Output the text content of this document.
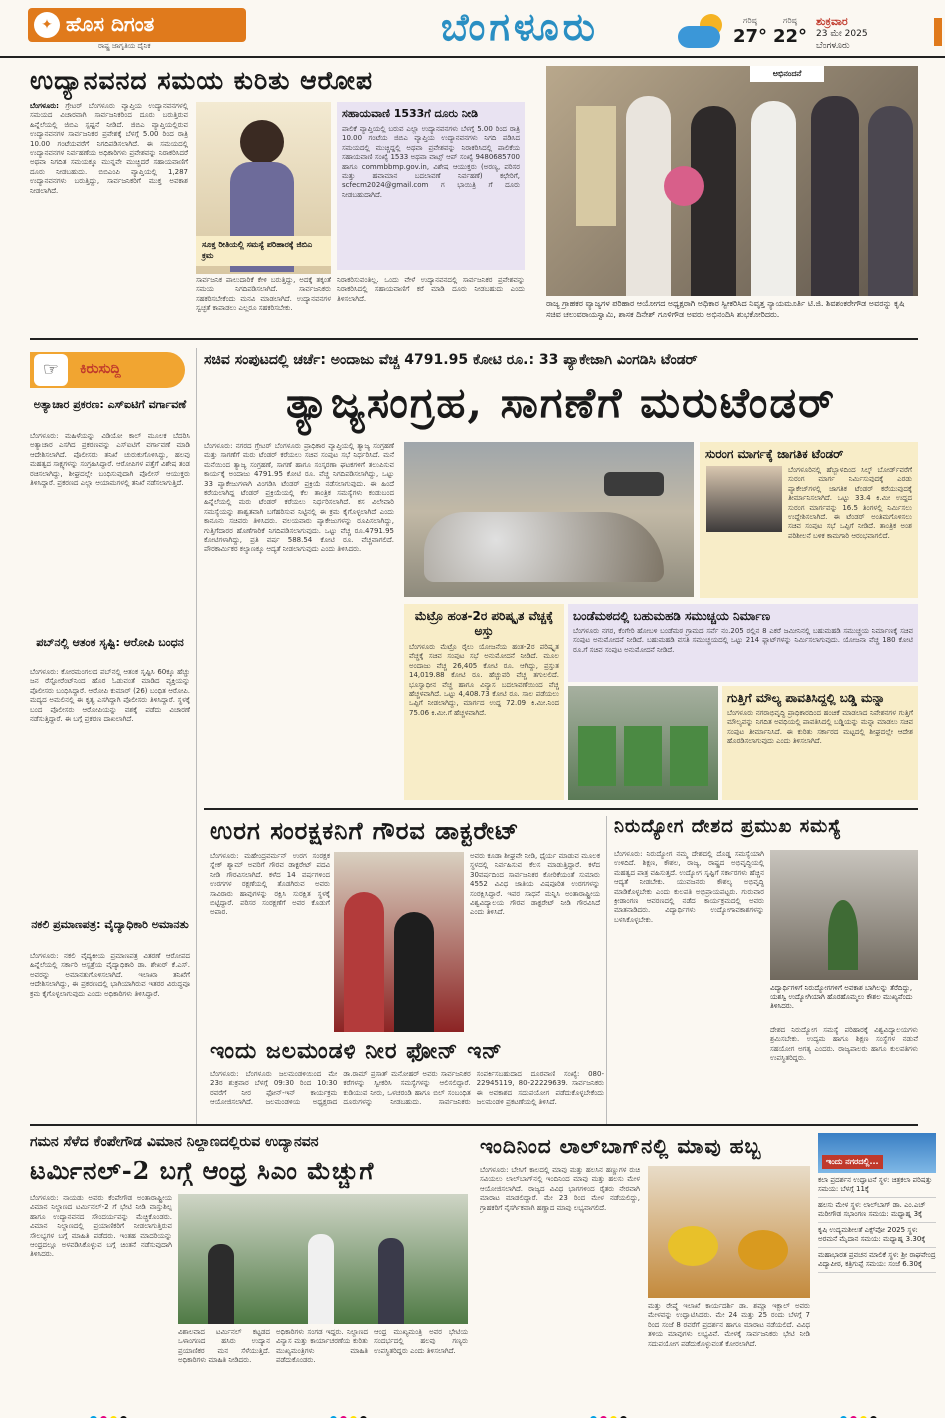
✦ ಹೊಸ ದಿಗಂತ
ರಾಷ್ಟ್ರ ಜಾಗೃತಿಯ ದೈನಿಕ	ಬೆಂಗಳೂರು	ಗರಿಷ್ಠ
27°
ಗರಿಷ್ಠ
22°
ಶುಕ್ರವಾರ
23 ಮೇ 2025
ಬೆಂಗಳೂರು
ಉದ್ಯಾನವನದ ಸಮಯ ಕುರಿತು ಆರೋಪ
ಬೆಂಗಳೂರು: ಗ್ರೇಟರ್ ಬೆಂಗಳೂರು ವ್ಯಾಪ್ತಿಯ ಉದ್ಯಾನವನಗಳಲ್ಲಿ ಸಮಯದ ವಿಚಾರವಾಗಿ ಸಾರ್ವಜನಿಕರಿಂದ ದೂರು ಬರುತ್ತಿರುವ ಹಿನ್ನೆಲೆಯಲ್ಲಿ ಜಿಬಿಎ ಸ್ಪಷ್ಟನೆ ನೀಡಿದೆ. ಜಿಬಿಎ ವ್ಯಾಪ್ತಿಯಲ್ಲಿರುವ ಉದ್ಯಾನವನಗಳ ಸಾರ್ವಜನಿಕರ ಪ್ರವೇಶಕ್ಕೆ ಬೆಳಗ್ಗೆ 5.00 ರಿಂದ ರಾತ್ರಿ 10.00 ಗಂಟೆಯವರೆಗೆ ನಿಗದಿಪಡಿಸಲಾಗಿದೆ. ಈ ಸಮಯದಲ್ಲಿ ಉದ್ಯಾನವನಗಳ ನಿರ್ವಹಣೆಯ ಅಧಿಕಾರಿಗಳು ಪ್ರವೇಶವನ್ನು ನಿರಾಕರಿಸಿದರೆ ಅಥವಾ ನಿಗದಿತ ಸಮಯಕ್ಕೂ ಮುನ್ನವೇ ಮುಚ್ಚಿದರೆ ಸಹಾಯವಾಣಿಗೆ ದೂರು ನೀಡಬಹುದು. ಬಿಬಿಎಂಪಿ ವ್ಯಾಪ್ತಿಯಲ್ಲಿ 1,287 ಉದ್ಯಾನವನಗಳು ಬರುತ್ತಿದ್ದು, ಸಾರ್ವಜನಿಕರಿಗೆ ಮುಕ್ತ ಅವಕಾಶ ನೀಡಲಾಗಿದೆ.
ಸೂಕ್ತ ರೀತಿಯಲ್ಲಿ ಸಮಸ್ಯೆ ಪರಿಹಾರಕ್ಕೆ ಜಿಬಿಎ ಕ್ರಮ
ಸಹಾಯವಾಣಿ 1533ಗೆ ದೂರು ನೀಡಿ
ಪಾಲಿಕೆ ವ್ಯಾಪ್ತಿಯಲ್ಲಿ ಬರುವ ಎಲ್ಲಾ ಉದ್ಯಾನವನಗಳು ಬೆಳಗ್ಗೆ 5.00 ರಿಂದ ರಾತ್ರಿ 10.00 ಗಂಟೆಯ ಜಿಬಿಎ ವ್ಯಾಪ್ತಿಯ ಉದ್ಯಾನವನಗಳು ನಿಗದಿ ಪಡಿಸಿದ ಸಮಯದಲ್ಲಿ ಮುಚ್ಚಿದ್ದಲ್ಲಿ ಅಥವಾ ಪ್ರವೇಶವನ್ನು ನಿರಾಕರಿಸಿದಲ್ಲಿ ಪಾಲಿಕೆಯ ಸಹಾಯವಾಣಿ ಸಂಖ್ಯೆ 1533 ಅಥವಾ ವಾಟ್ಸ್ ಆಪ್ ಸಂಖ್ಯೆ 9480685700 ಹಾಗೂ commbbmp.gov.in, ವಿಶೇಷ ಆಯುಕ್ತರು (ಅರಣ್ಯ, ಪರಿಸರ ಮತ್ತು ಹವಾಮಾನ ಬದಲಾವಣೆ ನಿರ್ವಹಣೆ) ಕಛೇರಿಗೆ, scfecm2024@gmail.com ಗ ಭಾಯಿತ್ರಿ ಗೆ ದೂರು ನೀಡಬಹುದಾಗಿದೆ.
ಸಾರ್ವಜನಿಕ ಪಾಲುದಾರಿಕೆ ಕೇಳಿ ಬರುತ್ತಿದ್ದು, ಅದಕ್ಕೆ ತಕ್ಕಂತೆ ಸಮಯ ನಿಗದಿಪಡಿಸಲಾಗಿದೆ. ಸಾರ್ವಜನಿಕರು ಸಹಕರಿಸಬೇಕೆಂದು ಮನವಿ ಮಾಡಲಾಗಿದೆ. ಉದ್ಯಾನವನಗಳ ಸ್ವಚ್ಛತೆ ಕಾಪಾಡಲು ಎಲ್ಲರೂ ಸಹಕರಿಸಬೇಕು.
ನಿರಾಕರಿಸುವಂತಿಲ್ಲ. ಒಂದು ವೇಳೆ ಉದ್ಯಾನವನದಲ್ಲಿ ಸಾರ್ವಜನಿಕರ ಪ್ರವೇಶವನ್ನು ನಿರಾಕರಿಸಿದಲ್ಲಿ ಸಹಾಯವಾಣಿಗೆ ಕರೆ ಮಾಡಿ ದೂರು ನೀಡಬಹುದು ಎಂದು ತಿಳಿಸಲಾಗಿದೆ.
ಅಭಿನಂದನೆ
ರಾಜ್ಯ ಗ್ರಾಹಕರ ವ್ಯಾಜ್ಯಗಳ ಪರಿಹಾರ ಆಯೋಗದ ಅಧ್ಯಕ್ಷರಾಗಿ ಅಧಿಕಾರ ಸ್ವೀಕರಿಸಿದ ನಿವೃತ್ತ ನ್ಯಾಯಮೂರ್ತಿ ಟಿ.ಜಿ. ಶಿವಶಂಕರೇಗೌಡ ಅವರನ್ನು ಕೃಷಿ ಸಚಿವ ಚಲುವರಾಯಸ್ವಾಮಿ, ಶಾಸಕ ದಿನೇಶ್ ಗೂಳಿಗೌಡ ಅವರು ಅಭಿನಂದಿಸಿ ಶುಭಕೋರಿದರು.
ಕಿರುಸುದ್ದಿ
☞
ಅತ್ಯಾಚಾರ ಪ್ರಕರಣ: ಎಸ್ಐಟಿಗೆ ವರ್ಗಾವಣೆ
ಬೆಂಗಳೂರು: ಮಹಿಳೆಯನ್ನು ವಿಡಿಯೋ ಕಾಲ್ ಮೂಲಕ ಬೆದರಿಸಿ ಅತ್ಯಾಚಾರ ಎಸಗಿದ ಪ್ರಕರಣವನ್ನು ಎಸ್ಐಟಿಗೆ ವರ್ಗಾವಣೆ ಮಾಡಿ ಆದೇಶಿಸಲಾಗಿದೆ. ಪೊಲೀಸರು ತನಿಖೆ ಚುರುಕುಗೊಳಿಸಿದ್ದು, ಹಲವು ಮಹತ್ವದ ಸಾಕ್ಷ್ಯಗಳನ್ನು ಸಂಗ್ರಹಿಸಿದ್ದಾರೆ. ಆರೋಪಿಗಳ ಪತ್ತೆಗೆ ವಿಶೇಷ ತಂಡ ರಚಿಸಲಾಗಿದ್ದು, ಶೀಘ್ರದಲ್ಲೇ ಬಂಧಿಸುವುದಾಗಿ ಪೊಲೀಸ್ ಆಯುಕ್ತರು ತಿಳಿಸಿದ್ದಾರೆ. ಪ್ರಕರಣದ ಎಲ್ಲಾ ಆಯಾಮಗಳಲ್ಲಿ ತನಿಖೆ ನಡೆಸಲಾಗುತ್ತಿದೆ.
ಪಬ್‌ನಲ್ಲಿ ಆತಂಕ ಸೃಷ್ಟಿ: ಆರೋಪಿ ಬಂಧನ
ಬೆಂಗಳೂರು: ಕೋರಮಂಗಲದ ಪಬ್‌ನಲ್ಲಿ ಆತಂಕ ಸೃಷ್ಟಿಸಿ 60ಕ್ಕೂ ಹೆಚ್ಚು ಜನ ರೆಸ್ಟೋರೆಂಟ್‌ನಿಂದ ಹೊರ ಓಡುವಂತೆ ಮಾಡಿದ ವ್ಯಕ್ತಿಯನ್ನು ಪೊಲೀಸರು ಬಂಧಿಸಿದ್ದಾರೆ. ಆರೋಪಿ ಕುಮಾರ್ (26) ಬಂಧಿತ ಆರೋಪಿ. ಮದ್ಯದ ಅಮಲಿನಲ್ಲಿ ಈ ಕೃತ್ಯ ಎಸಗಿದ್ದಾಗಿ ಪೊಲೀಸರು ತಿಳಿಸಿದ್ದಾರೆ. ಸ್ಥಳಕ್ಕೆ ಬಂದ ಪೊಲೀಸರು ಆರೋಪಿಯನ್ನು ವಶಕ್ಕೆ ಪಡೆದು ವಿಚಾರಣೆ ನಡೆಸುತ್ತಿದ್ದಾರೆ. ಈ ಬಗ್ಗೆ ಪ್ರಕರಣ ದಾಖಲಾಗಿದೆ.
ನಕಲಿ ಪ್ರಮಾಣಪತ್ರ: ವೈದ್ಯಾಧಿಕಾರಿ ಅಮಾನತು
ಬೆಂಗಳೂರು: ನಕಲಿ ವೈದ್ಯಕೀಯ ಪ್ರಮಾಣಪತ್ರ ವಿತರಣೆ ಆರೋಪದ ಹಿನ್ನೆಲೆಯಲ್ಲಿ ಸರ್ಕಾರಿ ಆಸ್ಪತ್ರೆಯ ವೈದ್ಯಾಧಿಕಾರಿ ಡಾ. ಶೇಖರ್ ಕೆ.ಎಸ್. ಅವರನ್ನು ಅಮಾನತುಗೊಳಿಸಲಾಗಿದೆ. ಇಲಾಖಾ ತನಿಖೆಗೆ ಆದೇಶಿಸಲಾಗಿದ್ದು, ಈ ಪ್ರಕರಣದಲ್ಲಿ ಭಾಗಿಯಾಗಿರುವ ಇತರರ ವಿರುದ್ಧವೂ ಕ್ರಮ ಕೈಗೊಳ್ಳಲಾಗುವುದು ಎಂದು ಅಧಿಕಾರಿಗಳು ತಿಳಿಸಿದ್ದಾರೆ.
ಸಚಿವ ಸಂಪುಟದಲ್ಲಿ ಚರ್ಚೆ: ಅಂದಾಜು ವೆಚ್ಚ 4791.95 ಕೋಟಿ ರೂ.: 33 ಪ್ಯಾಕೇಜಾಗಿ ವಿಂಗಡಿಸಿ ಟೆಂಡರ್
ತ್ಯಾಜ್ಯಸಂಗ್ರಹ, ಸಾಗಣೆಗೆ ಮರುಟೆಂಡರ್
ಬೆಂಗಳೂರು: ನಗರದ ಗ್ರೇಟರ್ ಬೆಂಗಳೂರು ಪ್ರಾಧಿಕಾರ ವ್ಯಾಪ್ತಿಯಲ್ಲಿ ತ್ಯಾಜ್ಯ ಸಂಗ್ರಹಣೆ ಮತ್ತು ಸಾಗಣೆಗೆ ಮರು ಟೆಂಡರ್ ಕರೆಯಲು ಸಚಿವ ಸಂಪುಟ ಸಭೆ ನಿರ್ಧರಿಸಿದೆ. ಮನೆ ಮನೆಯಿಂದ ತ್ಯಾಜ್ಯ ಸಂಗ್ರಹಣೆ, ಸಾಗಣೆ ಹಾಗೂ ಸಂಸ್ಕರಣಾ ಘಟಕಗಳಿಗೆ ತಲುಪಿಸುವ ಕಾರ್ಯಕ್ಕೆ ಅಂದಾಜು 4791.95 ಕೋಟಿ ರೂ. ವೆಚ್ಚ ನಿಗದಿಪಡಿಸಲಾಗಿದ್ದು, ಒಟ್ಟು 33 ಪ್ಯಾಕೇಜುಗಳಾಗಿ ವಿಂಗಡಿಸಿ ಟೆಂಡರ್ ಪ್ರಕ್ರಿಯೆ ನಡೆಸಲಾಗುವುದು. ಈ ಹಿಂದೆ ಕರೆಯಲಾಗಿದ್ದ ಟೆಂಡರ್ ಪ್ರಕ್ರಿಯೆಯಲ್ಲಿ ಕೆಲ ತಾಂತ್ರಿಕ ಸಮಸ್ಯೆಗಳು ಕಂಡುಬಂದ ಹಿನ್ನೆಲೆಯಲ್ಲಿ ಮರು ಟೆಂಡರ್ ಕರೆಯಲು ನಿರ್ಧರಿಸಲಾಗಿದೆ. ಕಸ ವಿಲೇವಾರಿ ಸಮಸ್ಯೆಯನ್ನು ಶಾಶ್ವತವಾಗಿ ಬಗೆಹರಿಸುವ ನಿಟ್ಟಿನಲ್ಲಿ ಈ ಕ್ರಮ ಕೈಗೊಳ್ಳಲಾಗಿದೆ ಎಂದು ಕಾನೂನು ಸಚಿವರು ತಿಳಿಸಿದರು. ವಲಯವಾರು ಪ್ಯಾಕೇಜುಗಳನ್ನು ರೂಪಿಸಲಾಗಿದ್ದು, ಗುತ್ತಿಗೆದಾರರ ಹೊಣೆಗಾರಿಕೆ ನಿಗದಿಪಡಿಸಲಾಗುವುದು. ಒಟ್ಟು ವೆಚ್ಚ ರೂ.4791.95 ಕೋಟಿಗಳಾಗಿದ್ದು, ಪ್ರತಿ ವರ್ಷ 588.54 ಕೋಟಿ ರೂ. ವೆಚ್ಚವಾಗಲಿದೆ. ಪೌರಕಾರ್ಮಿಕರ ಕಲ್ಯಾಣಕ್ಕೂ ಆದ್ಯತೆ ನೀಡಲಾಗುವುದು ಎಂದು ತಿಳಿಸಿದರು.
ಸುರಂಗ ಮಾರ್ಗಕ್ಕೆ ಜಾಗತಿಕ ಟೆಂಡರ್
ಬೆಂಗಳೂರಿನಲ್ಲಿ ಹೆಬ್ಬಾಳದಿಂದ ಸಿಲ್ಕ್ ಬೋರ್ಡ್‌ವರೆಗೆ ಸುರಂಗ ಮಾರ್ಗ ನಿರ್ಮಿಸುವುದಕ್ಕೆ ಎರಡು ಪ್ಯಾಕೇಜ್‌ಗಳಲ್ಲಿ ಜಾಗತಿಕ ಟೆಂಡರ್ ಕರೆಯುವುದಕ್ಕೆ ತೀರ್ಮಾನಿಸಲಾಗಿದೆ. ಒಟ್ಟು 33.4 ಕಿ.ಮೀ ಉದ್ದದ ಸುರಂಗ ಮಾರ್ಗವನ್ನು 16.5 ತಿಂಗಳಲ್ಲಿ ನಿರ್ಮಿಸಲು ಉದ್ದೇಶಿಸಲಾಗಿದೆ. ಈ ಟೆಂಡರ್ ಅಂತಿಮಗೊಳಿಸಲು ಸಚಿವ ಸಂಪುಟ ಸಭೆ ಒಪ್ಪಿಗೆ ನೀಡಿದೆ. ತಾಂತ್ರಿಕ ಅಂಶ ಪರಿಶೀಲನೆ ಬಳಿಕ ಕಾಮಗಾರಿ ಆರಂಭವಾಗಲಿದೆ.
ಮೆಟ್ರೊ ಹಂತ-2ರ ಪರಿಷ್ಕೃತ ವೆಚ್ಚಕ್ಕೆ ಅಸ್ತು
ಬೆಂಗಳೂರು ಮೆಟ್ರೊ ರೈಲು ಯೋಜನೆಯ ಹಂತ-2ರ ಪರಿಷ್ಕೃತ ವೆಚ್ಚಕ್ಕೆ ಸಚಿವ ಸಂಪುಟ ಸಭೆ ಅನುಮೋದನೆ ನೀಡಿದೆ. ಮೂಲ ಅಂದಾಜು ವೆಚ್ಚ 26,405 ಕೋಟಿ ರೂ. ಆಗಿದ್ದು, ಪ್ರಸ್ತುತ 14,019.88 ಕೋಟಿ ರೂ. ಹೆಚ್ಚುವರಿ ವೆಚ್ಚ ತಗುಲಲಿದೆ. ಭೂಸ್ವಾಧೀನ ವೆಚ್ಚ ಹಾಗೂ ವಿನ್ಯಾಸ ಬದಲಾವಣೆಯಿಂದ ವೆಚ್ಚ ಹೆಚ್ಚಳವಾಗಿದೆ. ಒಟ್ಟು 4,408.73 ಕೋಟಿ ರೂ. ಸಾಲ ಪಡೆಯಲು ಒಪ್ಪಿಗೆ ನೀಡಲಾಗಿದ್ದು, ಮಾರ್ಗದ ಉದ್ದ 72.09 ಕಿ.ಮೀ.ನಿಂದ 75.06 ಕಿ.ಮೀ.ಗೆ ಹೆಚ್ಚಳವಾಗಿದೆ.
ಬಂಡೆಮಠದಲ್ಲಿ ಬಹುಮಹಡಿ ಸಮುಚ್ಚಯ ನಿರ್ಮಾಣ
ಬೆಂಗಳೂರು ನಗರ, ಕೆಂಗೇರಿ ಹೋಬಳಿ ಬಂಡೆಮಠ ಗ್ರಾಮದ ಸರ್ವೆ ನಂ.205 ರಲ್ಲಿನ 8 ಎಕರೆ ಜಮೀನಿನಲ್ಲಿ ಬಹುಮಹಡಿ ಸಮುಚ್ಚಯ ನಿರ್ಮಾಣಕ್ಕೆ ಸಚಿವ ಸಂಪುಟ ಅನುಮೋದನೆ ನೀಡಿದೆ. ಬಹುಮಹಡಿ ವಸತಿ ಸಮುಚ್ಚಯದಲ್ಲಿ ಒಟ್ಟು 214 ಫ್ಲಾಟ್‌ಗಳನ್ನು ನಿರ್ಮಿಸಲಾಗುವುದು. ಯೋಜನಾ ವೆಚ್ಚ 180 ಕೋಟಿ ರೂ.ಗೆ ಸಚಿವ ಸಂಪುಟ ಅನುಮೋದನೆ ನೀಡಿದೆ.
ಗುತ್ತಿಗೆ ಮೌಲ್ಯ ಪಾವತಿಸಿದ್ದಲ್ಲಿ ಬಡ್ಡಿ ಮನ್ನಾ
ಬೆಂಗಳೂರು ನಗರಾಭಿವೃದ್ಧಿ ಪ್ರಾಧಿಕಾರದಿಂದ ಹಂಚಿಕೆ ಮಾಡಲಾದ ನಿವೇಶನಗಳ ಗುತ್ತಿಗೆ ಮೌಲ್ಯವನ್ನು ನಿಗದಿತ ಅವಧಿಯಲ್ಲಿ ಪಾವತಿಸಿದಲ್ಲಿ ಬಡ್ಡಿಯನ್ನು ಮನ್ನಾ ಮಾಡಲು ಸಚಿವ ಸಂಪುಟ ತೀರ್ಮಾನಿಸಿದೆ. ಈ ಕುರಿತು ಸರ್ಕಾರದ ಮಟ್ಟದಲ್ಲಿ ಶೀಘ್ರದಲ್ಲೇ ಆದೇಶ ಹೊರಡಿಸಲಾಗುವುದು ಎಂದು ತಿಳಿಸಲಾಗಿದೆ.
ಉರಗ ಸಂರಕ್ಷಕನಿಗೆ ಗೌರವ ಡಾಕ್ಟರೇಟ್
ಬೆಂಗಳೂರು: ಮಹೇಂದ್ರವರ್ಮನ್ ಉರಗ ಸಂರಕ್ಷಕ ಸ್ನೇಕ್ ಶ್ಯಾಮ್ ಅವರಿಗೆ ಗೌರವ ಡಾಕ್ಟರೇಟ್ ಪದವಿ ನೀಡಿ ಗೌರವಿಸಲಾಗಿದೆ. ಕಳೆದ 14 ವರ್ಷಗಳಿಂದ ಉರಗಗಳ ರಕ್ಷಣೆಯಲ್ಲಿ ತೊಡಗಿರುವ ಅವರು ಸಾವಿರಾರು ಹಾವುಗಳನ್ನು ರಕ್ಷಿಸಿ ಸುರಕ್ಷಿತ ಸ್ಥಳಕ್ಕೆ ಬಿಟ್ಟಿದ್ದಾರೆ. ಪರಿಸರ ಸಂರಕ್ಷಣೆಗೆ ಅವರ ಕೊಡುಗೆ ಅಪಾರ.
ಅವರು ಕೂಡಾ ಶೀಘ್ರವೇ ನೀಡಿ, ಧೈರ್ಯ ಮಾಡುವ ಮೂಲಕ ಸ್ಥಳದಲ್ಲಿ ನಿರ್ವಹಿಸುವ ಕೆಲಸ ಮಾಡುತ್ತಿದ್ದಾರೆ. ಕಳೆದ 30ವರ್ಷದಿಂದ ಸಾರ್ವಜನಿಕರ ಕೋರಿಕೆಯಂತೆ ಸುಮಾರು 4552 ವಿವಿಧ ಜಾತಿಯ ವಿಷಪೂರಿತ ಉರಗಗಳನ್ನು ಸಂರಕ್ಷಿಸಿದ್ದಾರೆ. ಇವರ ಸಾಧನೆ ಮನ್ನಿಸಿ ಅಂತಾರಾಷ್ಟ್ರೀಯ ವಿಶ್ವವಿದ್ಯಾಲಯ ಗೌರವ ಡಾಕ್ಟರೇಟ್ ನೀಡಿ ಗೌರವಿಸಿದೆ ಎಂದು ತಿಳಿಸಿದೆ.
ನಿರುದ್ಯೋಗ ದೇಶದ ಪ್ರಮುಖ ಸಮಸ್ಯೆ
ಬೆಂಗಳೂರು: ನಿರುದ್ಯೋಗ ನಮ್ಮ ದೇಶದಲ್ಲಿ ದೊಡ್ಡ ಸಮಸ್ಯೆಯಾಗಿ ಉಳಿದಿದೆ. ಶಿಕ್ಷಣ, ಕೌಶಲ, ರಾಜ್ಯ, ರಾಷ್ಟ್ರದ ಅಭಿವೃದ್ಧಿಯಲ್ಲಿ ಮಹತ್ವದ ಪಾತ್ರ ವಹಿಸುತ್ತದೆ. ಉದ್ಯೋಗ ಸೃಷ್ಟಿಗೆ ಸರ್ಕಾರಗಳು ಹೆಚ್ಚಿನ ಆದ್ಯತೆ ನೀಡಬೇಕು. ಯುವಜನರು ಕೌಶಲ್ಯ ಅಭಿವೃದ್ಧಿ ಮಾಡಿಕೊಳ್ಳಬೇಕು ಎಂದು ಕುಲಪತಿ ಅಭಿಪ್ರಾಯಪಟ್ಟರು. ಗುರುವಾರ ಕ್ರೀಡಾಂಗಣ ಆವರಣದಲ್ಲಿ ನಡೆದ ಕಾರ್ಯಕ್ರಮದಲ್ಲಿ ಅವರು ಮಾತನಾಡಿದರು. ವಿದ್ಯಾರ್ಥಿಗಳು ಉದ್ಯೋಗಾವಕಾಶಗಳನ್ನು ಬಳಸಿಕೊಳ್ಳಬೇಕು.
ವಿದ್ಯಾರ್ಥಿಗಳಿಗೆ ನಿರುದ್ಯೋಗಗಳಿಗೆ ಅವಕಾಶ ಬಾಗಿಲನ್ನು ತೆರೆದಿದ್ದು, ಯಶಸ್ವಿ ಉದ್ಯೋಗಿಯಾಗಿ ಹೊರಹೊಮ್ಮಲು ಕೌಶಲ ಮುಖ್ಯವೆಂದು ತಿಳಿಸಿದರು.
ದೇಶದ ನಿರುದ್ಯೋಗ ಸಮಸ್ಯೆ ಪರಿಹಾರಕ್ಕೆ ವಿಶ್ವವಿದ್ಯಾಲಯಗಳು ಶ್ರಮಿಸಬೇಕು. ಉದ್ಯಮ ಹಾಗೂ ಶಿಕ್ಷಣ ಸಂಸ್ಥೆಗಳ ನಡುವೆ ಸಹಯೋಗ ಅಗತ್ಯ ಎಂದರು. ರಾಜ್ಯಪಾಲರು ಹಾಗೂ ಕುಲಪತಿಗಳು ಉಪಸ್ಥಿತರಿದ್ದರು.
ಇಂದು ಜಲಮಂಡಳಿ ನೀರ ಫೋನ್ ಇನ್
ಬೆಂಗಳೂರು: ಬೆಂಗಳೂರು ಜಲಮಂಡಳಿಯಿಂದ ಮೇ 23ರ ಶುಕ್ರವಾರ ಬೆಳಗ್ಗೆ 09:30 ರಿಂದ 10:30 ರವರೆಗೆ ನೀರ ಫೋನ್-ಇನ್ ಕಾರ್ಯಕ್ರಮ ಆಯೋಜಿಸಲಾಗಿದೆ. ಜಲಮಂಡಳಿಯ ಅಧ್ಯಕ್ಷರಾದ ಡಾ.ರಾಮ್ ಪ್ರಸಾತ್ ಮನೋಹರ್ ಅವರು ಸಾರ್ವಜನಿಕರ ಕರೆಗಳನ್ನು ಸ್ವೀಕರಿಸಿ ಸಮಸ್ಯೆಗಳನ್ನು ಆಲಿಸಲಿದ್ದಾರೆ. ಕುಡಿಯುವ ನೀರು, ಒಳಚರಂಡಿ ಹಾಗೂ ಬಿಲ್ ಸಂಬಂಧಿತ ದೂರುಗಳನ್ನು ನೀಡಬಹುದು. ಸಾರ್ವಜನಿಕರು ಸಂಪರ್ಕಿಸಬಹುದಾದ ದೂರವಾಣಿ ಸಂಖ್ಯೆ: 080-22945119, 80-22229639. ಸಾರ್ವಜನಿಕರು ಈ ಅವಕಾಶದ ಸದುಪಯೋಗ ಪಡೆದುಕೊಳ್ಳಬೇಕೆಂದು ಜಲಮಂಡಳಿ ಪ್ರಕಟಣೆಯಲ್ಲಿ ತಿಳಿಸಿದೆ.
ಗಮನ ಸೆಳೆದ ಕೆಂಪೇಗೌಡ ವಿಮಾನ ನಿಲ್ದಾಣದಲ್ಲಿರುವ ಉದ್ಯಾನವನ
ಟರ್ಮಿನಲ್-2 ಬಗ್ಗೆ ಆಂಧ್ರ ಸಿಎಂ ಮೆಚ್ಚುಗೆ
ಬೆಂಗಳೂರು: ನಾಯಡು ಅವರು ಕೆಂಪೇಗೌಡ ಅಂತಾರಾಷ್ಟ್ರೀಯ ವಿಮಾನ ನಿಲ್ದಾಣದ ಟರ್ಮಿನಲ್-2 ಗೆ ಭೇಟಿ ನೀಡಿ ವಾಸ್ತುಶಿಲ್ಪ ಹಾಗೂ ಉದ್ಯಾನವನದ ಸೌಂದರ್ಯವನ್ನು ಮೆಚ್ಚಿಕೊಂಡರು. ವಿಮಾನ ನಿಲ್ದಾಣದಲ್ಲಿ ಪ್ರಯಾಣಿಕರಿಗೆ ನೀಡಲಾಗುತ್ತಿರುವ ಸೌಲಭ್ಯಗಳ ಬಗ್ಗೆ ಮಾಹಿತಿ ಪಡೆದರು. ಇಂತಹ ಮಾದರಿಯನ್ನು ಆಂಧ್ರದಲ್ಲೂ ಅಳವಡಿಸಿಕೊಳ್ಳುವ ಬಗ್ಗೆ ಚಿಂತನೆ ನಡೆಸುವುದಾಗಿ ತಿಳಿಸಿದರು.
ವಿಶಾಲವಾದ ಟರ್ಮಿನಲ್ ಕಟ್ಟಡದ ಒಳಾಂಗಣದ ಹಸಿರು ಉದ್ಯಾನ ಪ್ರಯಾಣಿಕರ ಮನ ಸೆಳೆಯುತ್ತಿದೆ. ಅಧಿಕಾರಿಗಳು ಮಾಹಿತಿ ನೀಡಿದರು.
ಅಧಿಕಾರಿಗಳು ಸಂಗಡ ಇದ್ದರು. ನಿಲ್ದಾಣದ ವಿನ್ಯಾಸ ಮತ್ತು ಕಾರ್ಯಾಚರಣೆಯ ಕುರಿತು ಮುಖ್ಯಮಂತ್ರಿಗಳು ಮಾಹಿತಿ ಪಡೆದುಕೊಂಡರು.
ಆಂಧ್ರ ಮುಖ್ಯಮಂತ್ರಿ ಅವರ ಭೇಟಿಯ ಸಂದರ್ಭದಲ್ಲಿ ಹಲವು ಗಣ್ಯರು ಉಪಸ್ಥಿತರಿದ್ದರು ಎಂದು ತಿಳಿಸಲಾಗಿದೆ.
ಇಂದಿನಿಂದ ಲಾಲ್‌ಬಾಗ್‌ನಲ್ಲಿ ಮಾವು ಹಬ್ಬ
ಬೆಂಗಳೂರು: ಬೇಸಿಗೆ ಕಾಲದಲ್ಲಿ ಮಾವು ಮತ್ತು ಹಲಸಿನ ಹಣ್ಣುಗಳ ರುಚಿ ಸವಿಯಲು ಲಾಲ್‌ಬಾಗ್‌ನಲ್ಲಿ ಇಂದಿನಿಂದ ಮಾವು ಮತ್ತು ಹಲಸು ಮೇಳ ಆಯೋಜಿಸಲಾಗಿದೆ. ರಾಜ್ಯದ ವಿವಿಧ ಭಾಗಗಳಿಂದ ರೈತರು ನೇರವಾಗಿ ಮಾರಾಟ ಮಾಡಲಿದ್ದಾರೆ. ಮೇ 23 ರಿಂದ ಮೇಳ ನಡೆಯಲಿದ್ದು, ಗ್ರಾಹಕರಿಗೆ ನೈಸರ್ಗಿಕವಾಗಿ ಹಣ್ಣಾದ ಮಾವು ಲಭ್ಯವಾಗಲಿದೆ.
ಮತ್ತು ರೇಷ್ಮೆ ಇಲಾಖೆ ಕಾರ್ಯದರ್ಶಿ ಡಾ. ಶಮ್ಲಾ ಇಕ್ಬಾಲ್ ಅವರು ಮೇಳವನ್ನು ಉದ್ಘಾಟಿಸಿದರು. ಮೇ 24 ಮತ್ತು 25 ರಂದು ಬೆಳಗ್ಗೆ 7 ರಿಂದ ಸಂಜೆ 8 ರವರೆಗೆ ಪ್ರದರ್ಶನ ಹಾಗೂ ಮಾರಾಟ ನಡೆಯಲಿದೆ. ವಿವಿಧ ತಳಿಯ ಮಾವುಗಳು ಲಭ್ಯವಿವೆ. ಮೇಳಕ್ಕೆ ಸಾರ್ವಜನಿಕರು ಭೇಟಿ ನೀಡಿ ಸದುಪಯೋಗ ಪಡೆದುಕೊಳ್ಳುವಂತೆ ಕೋರಲಾಗಿದೆ.
ಇಂದು ನಗರದಲ್ಲಿ...
ಕಲಾ ಪ್ರದರ್ಶನ ಉದ್ಘಾಟನೆ ಸ್ಥಳ: ಚಿತ್ರಕಲಾ ಪರಿಷತ್ತು ಸಮಯ: ಬೆಳಗ್ಗೆ 11ಕ್ಕೆ
ಹಲಸು ಮೇಳ ಸ್ಥಳ: ಲಾಲ್‌ಬಾಗ್ ಡಾ. ಎಂ.ಎಚ್ ಮರೀಗೌಡ ಸಭಾಂಗಣ ಸಮಯ: ಮಧ್ಯಾಹ್ನ 3ಕ್ಕೆ
ಕೃಷಿ ಉದ್ಯಮಶೀಲತೆ ಎಕ್ಸ್‌ಪೋ 2025 ಸ್ಥಳ: ಅರಮನೆ ಮೈದಾನ ಸಮಯ: ಮಧ್ಯಾಹ್ನ 3.30ಕ್ಕೆ
ಮಹಾಭಾರತ ಪ್ರವಚನ ಮಾಲಿಕೆ ಸ್ಥಳ: ಶ್ರೀ ರಾಘವೇಂದ್ರ ವಿದ್ಯಾಪೀಠ, ಕತ್ರಿಗುಪ್ಪೆ ಸಮಯ: ಸಂಜೆ 6.30ಕ್ಕೆ
